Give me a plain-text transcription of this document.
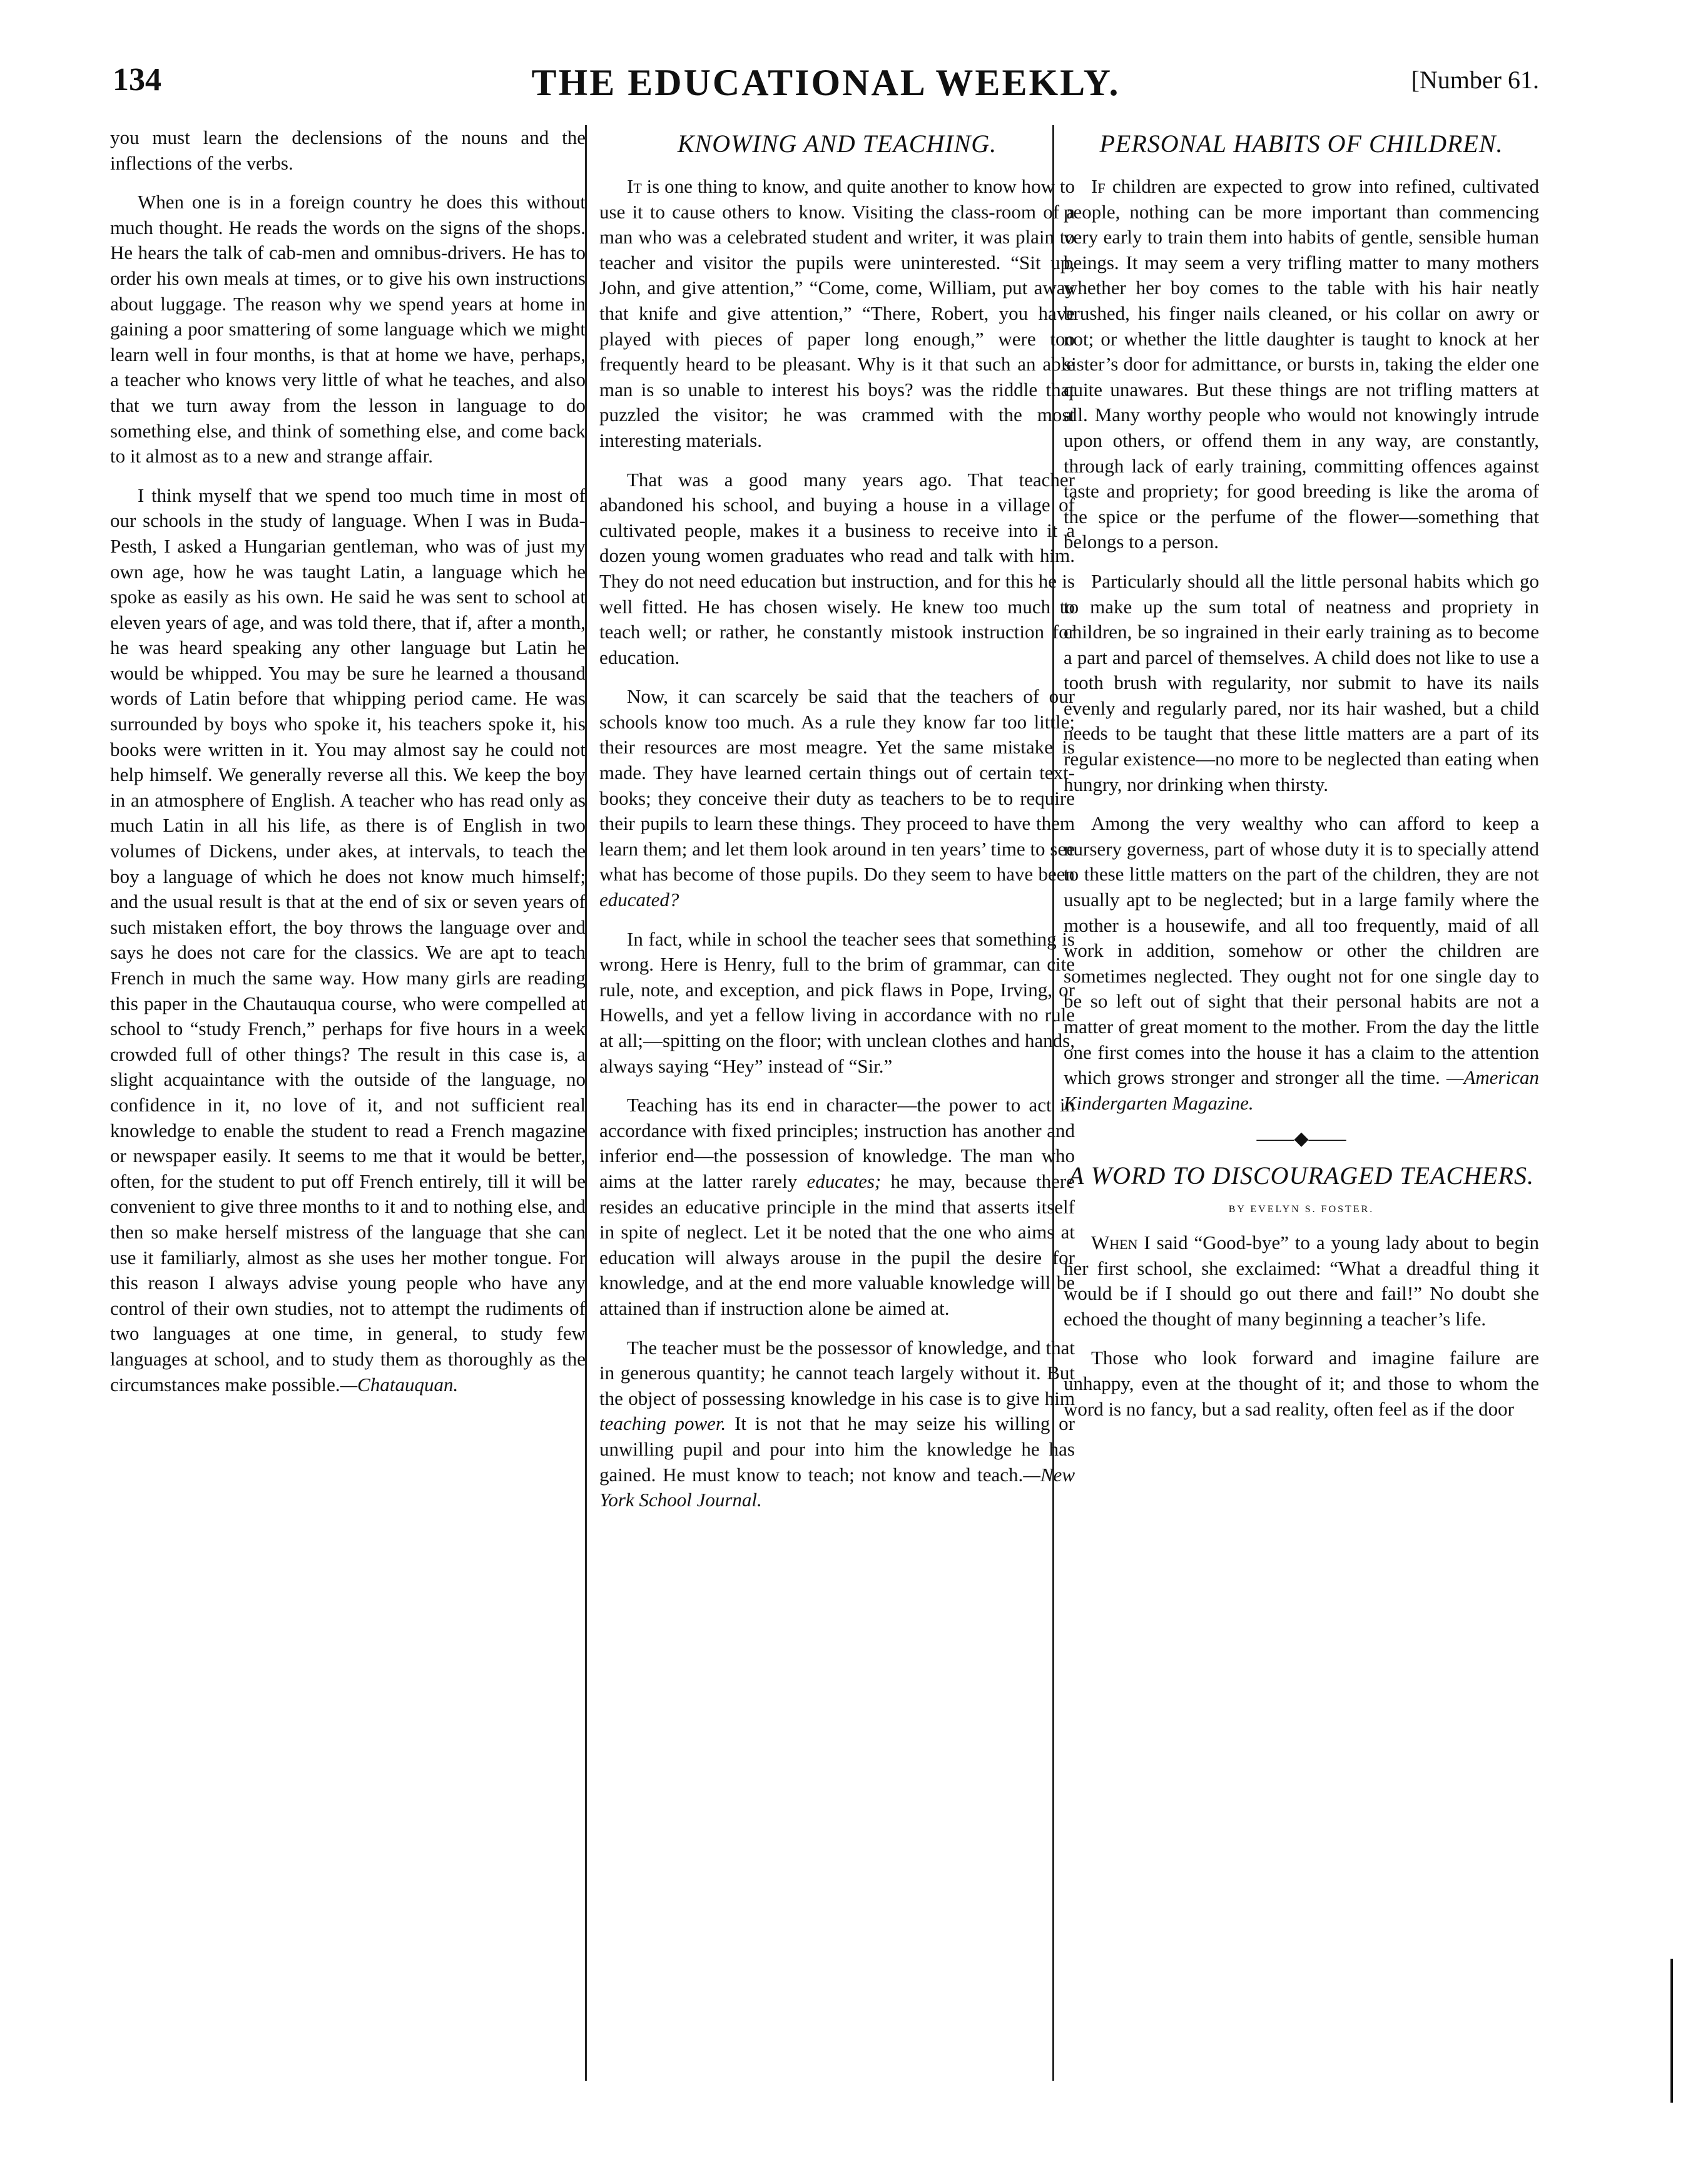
134	THE EDUCATIONAL WEEKLY.	[Number 61.

you must learn the declensions of the nouns and the inflections of the verbs.

When one is in a foreign country he does this without much thought. He reads the words on the signs of the shops. He hears the talk of cab-men and omnibus-drivers. He has to order his own meals at times, or to give his own instructions about luggage. The reason why we spend years at home in gaining a poor smattering of some language which we might learn well in four months, is that at home we have, perhaps, a teacher who knows very little of what he teaches, and also that we turn away from the lesson in language to do something else, and think of something else, and come back to it almost as to a new and strange affair.

I think myself that we spend too much time in most of our schools in the study of language. When I was in Buda-Pesth, I asked a Hungarian gentleman, who was of just my own age, how he was taught Latin, a language which he spoke as easily as his own. He said he was sent to school at eleven years of age, and was told there, that if, after a month, he was heard speaking any other language but Latin he would be whipped. You may be sure he learned a thousand words of Latin before that whipping period came. He was surrounded by boys who spoke it, his teachers spoke it, his books were written in it. You may almost say he could not help himself. We generally reverse all this. We keep the boy in an atmosphere of English. A teacher who has read only as much Latin in all his life, as there is of English in two volumes of Dickens, under akes, at intervals, to teach the boy a language of which he does not know much himself; and the usual result is that at the end of six or seven years of such mistaken effort, the boy throws the language over and says he does not care for the classics. We are apt to teach French in much the same way. How many girls are reading this paper in the Chautauqua course, who were compelled at school to “study French,” perhaps for five hours in a week crowded full of other things? The result in this case is, a slight acquaintance with the outside of the language, no confidence in it, no love of it, and not sufficient real knowledge to enable the student to read a French magazine or newspaper easily. It seems to me that it would be better, often, for the student to put off French entirely, till it will be convenient to give three months to it and to nothing else, and then so make herself mistress of the language that she can use it familiarly, almost as she uses her mother tongue. For this reason I always advise young people who have any control of their own studies, not to attempt the rudiments of two languages at one time, in general, to study few languages at school, and to study them as thoroughly as the circumstances make possible.—Chatauquan.

KNOWING AND TEACHING.

It is one thing to know, and quite another to know how to use it to cause others to know. Visiting the class-room of a man who was a celebrated student and writer, it was plain to teacher and visitor the pupils were uninterested. “Sit up, John, and give attention,” “Come, come, William, put away that knife and give attention,” “There, Robert, you have played with pieces of paper long enough,” were too frequently heard to be pleasant. Why is it that such an able man is so unable to interest his boys? was the riddle that puzzled the visitor; he was crammed with the most interesting materials.

That was a good many years ago. That teacher abandoned his school, and buying a house in a village of cultivated people, makes it a business to receive into it a dozen young women graduates who read and talk with him. They do not need education but instruction, and for this he is well fitted. He has chosen wisely. He knew too much to teach well; or rather, he constantly mistook instruction for education.

Now, it can scarcely be said that the teachers of our schools know too much. As a rule they know far too little; their resources are most meagre. Yet the same mistake is made. They have learned certain things out of certain text-books; they conceive their duty as teachers to be to require their pupils to learn these things. They proceed to have them learn them; and let them look around in ten years’ time to see what has become of those pupils. Do they seem to have been educated?

In fact, while in school the teacher sees that something is wrong. Here is Henry, full to the brim of grammar, can cite rule, note, and exception, and pick flaws in Pope, Irving, or Howells, and yet a fellow living in accordance with no rule at all;—spitting on the floor; with unclean clothes and hands, always saying “Hey” instead of “Sir.”

Teaching has its end in character—the power to act in accordance with fixed principles; instruction has another and inferior end—the possession of knowledge. The man who aims at the latter rarely educates; he may, because there resides an educative principle in the mind that asserts itself in spite of neglect. Let it be noted that the one who aims at education will always arouse in the pupil the desire for knowledge, and at the end more valuable knowledge will be attained than if instruction alone be aimed at.

The teacher must be the possessor of knowledge, and that in generous quantity; he cannot teach largely without it. But the object of possessing knowledge in his case is to give him teaching power. It is not that he may seize his willing or unwilling pupil and pour into him the knowledge he has gained. He must know to teach; not know and teach.—New York School Journal.

PERSONAL HABITS OF CHILDREN.

If children are expected to grow into refined, cultivated people, nothing can be more important than commencing very early to train them into habits of gentle, sensible human beings. It may seem a very trifling matter to many mothers whether her boy comes to the table with his hair neatly brushed, his finger nails cleaned, or his collar on awry or not; or whether the little daughter is taught to knock at her sister’s door for admittance, or bursts in, taking the elder one quite unawares. But these things are not trifling matters at all. Many worthy people who would not knowingly intrude upon others, or offend them in any way, are constantly, through lack of early training, committing offences against taste and propriety; for good breeding is like the aroma of the spice or the perfume of the flower—something that belongs to a person.

Particularly should all the little personal habits which go to make up the sum total of neatness and propriety in children, be so ingrained in their early training as to become a part and parcel of themselves. A child does not like to use a tooth brush with regularity, nor submit to have its nails evenly and regularly pared, nor its hair washed, but a child needs to be taught that these little matters are a part of its regular existence—no more to be neglected than eating when hungry, nor drinking when thirsty.

Among the very wealthy who can afford to keep a nursery governess, part of whose duty it is to specially attend to these little matters on the part of the children, they are not usually apt to be neglected; but in a large family where the mother is a housewife, and all too frequently, maid of all work in addition, somehow or other the children are sometimes neglected. They ought not for one single day to be so left out of sight that their personal habits are not a matter of great moment to the mother. From the day the little one first comes into the house it has a claim to the attention which grows stronger and stronger all the time. —American Kindergarten Magazine.

——◆——
A WORD TO DISCOURAGED TEACHERS.
BY EVELYN S. FOSTER.

When I said “Good-bye” to a young lady about to begin her first school, she exclaimed: “What a dreadful thing it would be if I should go out there and fail!” No doubt she echoed the thought of many beginning a teacher’s life.

Those who look forward and imagine failure are unhappy, even at the thought of it; and those to whom the word is no fancy, but a sad reality, often feel as if the door
